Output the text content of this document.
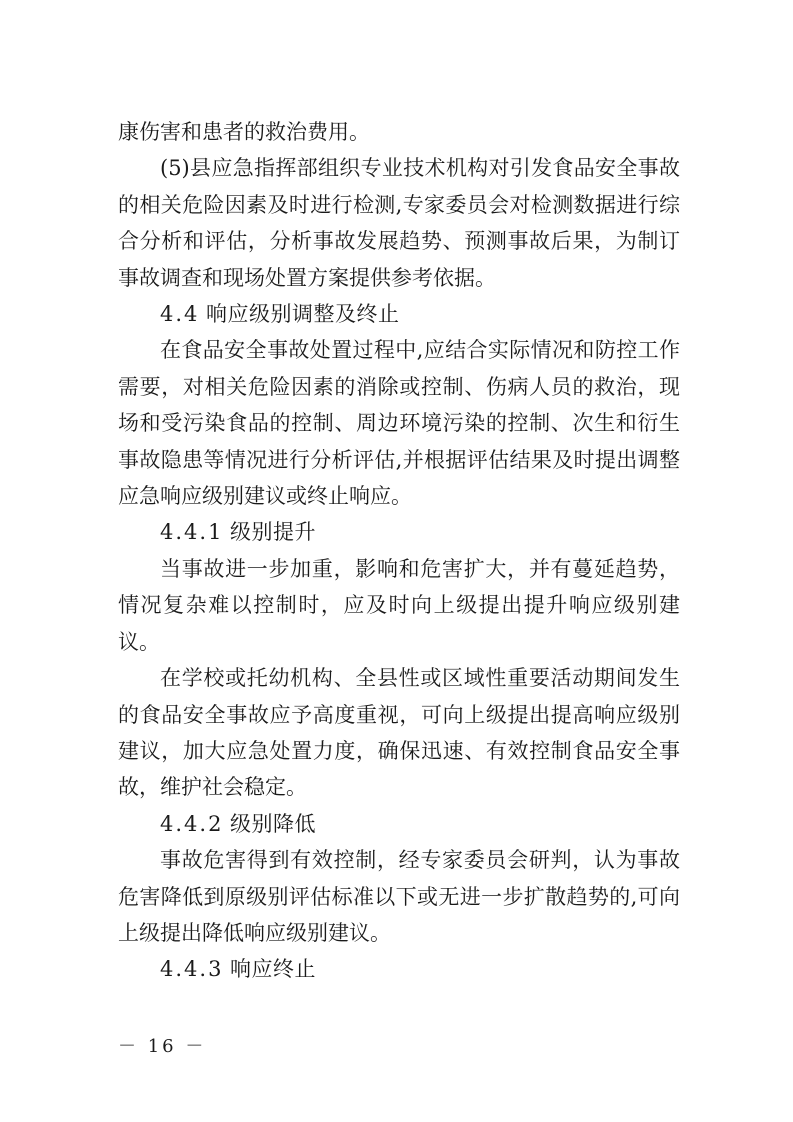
康伤害和患者的救治费用。

(5)县应急指挥部组织专业技术机构对引发食品安全事故的相关危险因素及时进行检测,专家委员会对检测数据进行综合分析和评估，分析事故发展趋势、预测事故后果，为制订事故调查和现场处置方案提供参考依据。

4.4 响应级别调整及终止

在食品安全事故处置过程中,应结合实际情况和防控工作需要，对相关危险因素的消除或控制、伤病人员的救治，现场和受污染食品的控制、周边环境污染的控制、次生和衍生事故隐患等情况进行分析评估,并根据评估结果及时提出调整应急响应级别建议或终止响应。

4.4.1 级别提升

当事故进一步加重，影响和危害扩大，并有蔓延趋势，情况复杂难以控制时，应及时向上级提出提升响应级别建议。

在学校或托幼机构、全县性或区域性重要活动期间发生的食品安全事故应予高度重视，可向上级提出提高响应级别建议，加大应急处置力度，确保迅速、有效控制食品安全事故，维护社会稳定。

4.4.2 级别降低

事故危害得到有效控制，经专家委员会研判，认为事故危害降低到原级别评估标准以下或无进一步扩散趋势的,可向上级提出降低响应级别建议。

4.4.3 响应终止

－ 16 －
